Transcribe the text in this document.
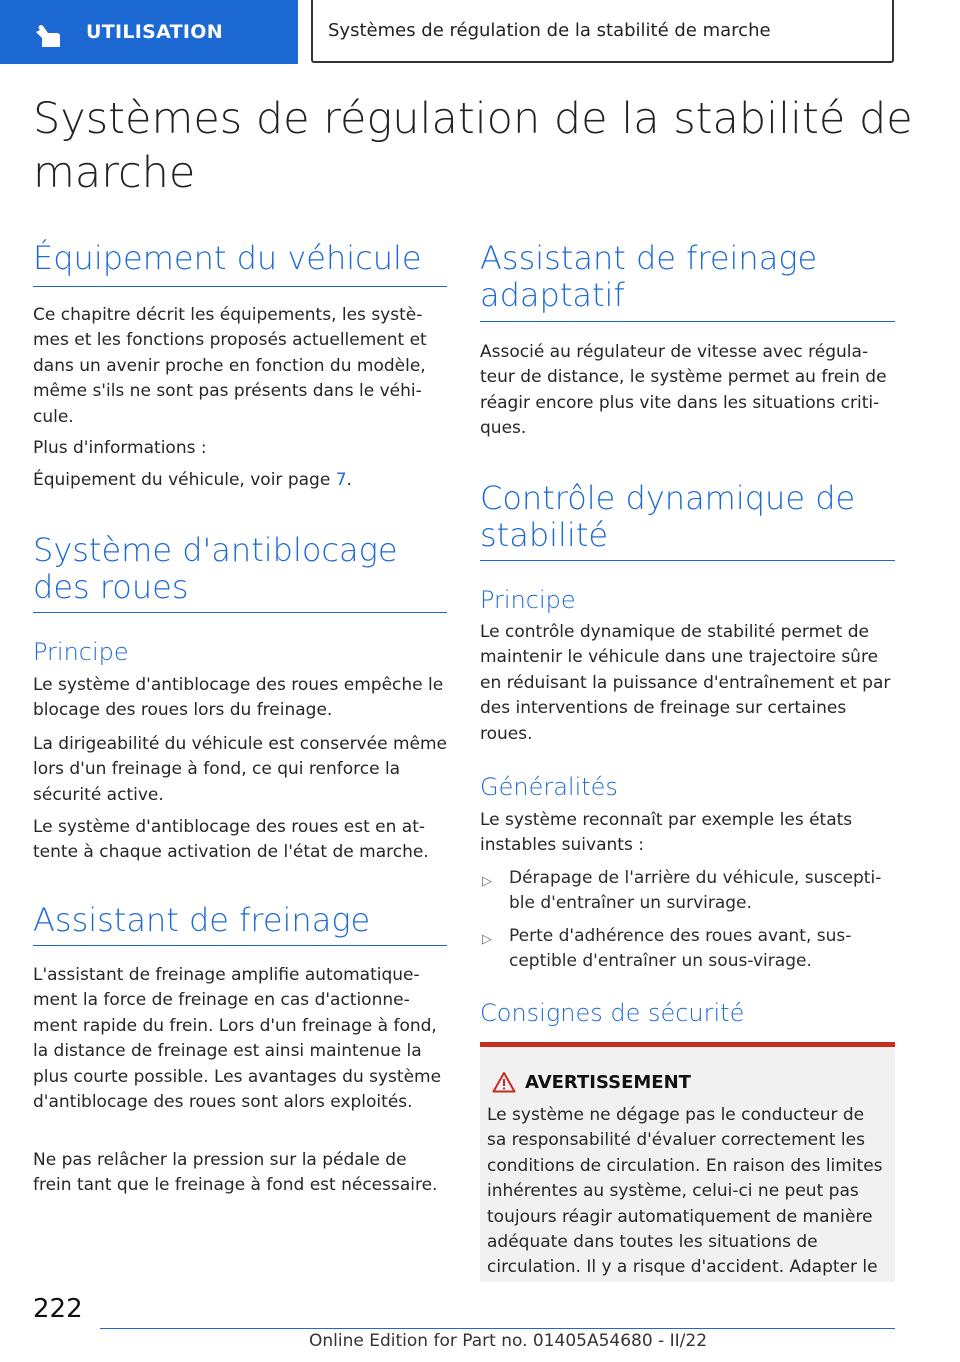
UTILISATION	Systèmes de régulation de la stabilité de marche
Systèmes de régulation de la stabilité de marche
Équipement du véhicule

Ce chapitre décrit les équipements, les systèmes et les fonctions proposés actuellement et dans un avenir proche en fonction du modèle, même s'ils ne sont pas présents dans le véhicule.

Plus d'informations :

Équipement du véhicule, voir page 7.

Système d'antiblocage des roues
Principe

Le système d'antiblocage des roues empêche le blocage des roues lors du freinage.

La dirigeabilité du véhicule est conservée même lors d'un freinage à fond, ce qui renforce la sécurité active.

Le système d'antiblocage des roues est en attente à chaque activation de l'état de marche.

Assistant de freinage

L'assistant de freinage amplifie automatiquement la force de freinage en cas d'actionnement rapide du frein. Lors d'un freinage à fond, la distance de freinage est ainsi maintenue la plus courte possible. Les avantages du système d'antiblocage des roues sont alors exploités.

Ne pas relâcher la pression sur la pédale de frein tant que le freinage à fond est nécessaire.

Assistant de freinage adaptatif

Associé au régulateur de vitesse avec régulateur de distance, le système permet au frein de réagir encore plus vite dans les situations critiques.

Contrôle dynamique de stabilité
Principe

Le contrôle dynamique de stabilité permet de maintenir le véhicule dans une trajectoire sûre en réduisant la puissance d'entraînement et par des interventions de freinage sur certaines roues.

Généralités

Le système reconnaît par exemple les états instables suivants :

▷ Dérapage de l'arrière du véhicule, susceptible d'entraîner un survirage.
▷ Perte d'adhérence des roues avant, susceptible d'entraîner un sous-virage.
Consignes de sécurité
AVERTISSEMENT
Le système ne dégage pas le conducteur de sa responsabilité d'évaluer correctement les conditions de circulation. En raison des limites inhérentes au système, celui-ci ne peut pas toujours réagir automatiquement de manière adéquate dans toutes les situations de circulation. Il y a risque d'accident. Adapter le
222
Online Edition for Part no. 01405A54680 - II/22
